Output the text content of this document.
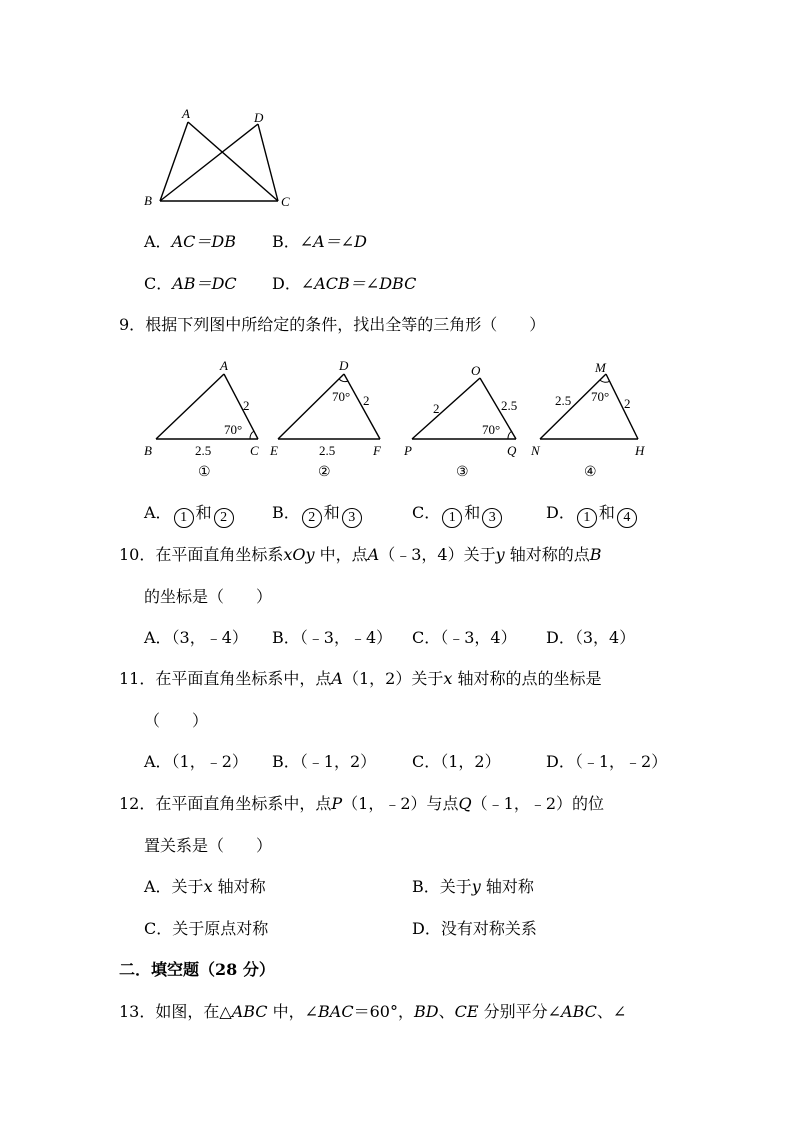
A	D
B	C
A．AC＝DB B．∠A＝∠D
C．AB＝DC D．∠ACB＝∠DBC
9．根据下列图中所给定的条件，找出全等的三角形（　　）
A
B	C
2
2.5
70°
①
D
E	F
2
2.5
70°
②
O
P	Q
2	2.5
70°
③
M
N	H
2.5	2
70°
④
A． 1 和 2	B． 2 和 3	C． 1 和 3	D． 1 和 4
10．在平面直角坐标系xOy 中，点A（﹣3，4）关于y 轴对称的点B
的坐标是（　　）
A．（3，﹣4） B．（﹣3，﹣4） C．（﹣3，4） D．（3，4）
11．在平面直角坐标系中，点A（1，2）关于x 轴对称的点的坐标是
（　　）
A．（1，﹣2） B．（﹣1，2） C．（1，2）	D．（﹣1，﹣2）
12．在平面直角坐标系中，点P（1，﹣2）与点Q（﹣1，﹣2）的位
置关系是（　　）
A．关于x 轴对称	B．关于y 轴对称
C．关于原点对称	D．没有对称关系
二．填空题（28 分）
13．如图，在△ABC 中，∠BAC＝60°，BD、CE 分别平分∠ABC、∠
